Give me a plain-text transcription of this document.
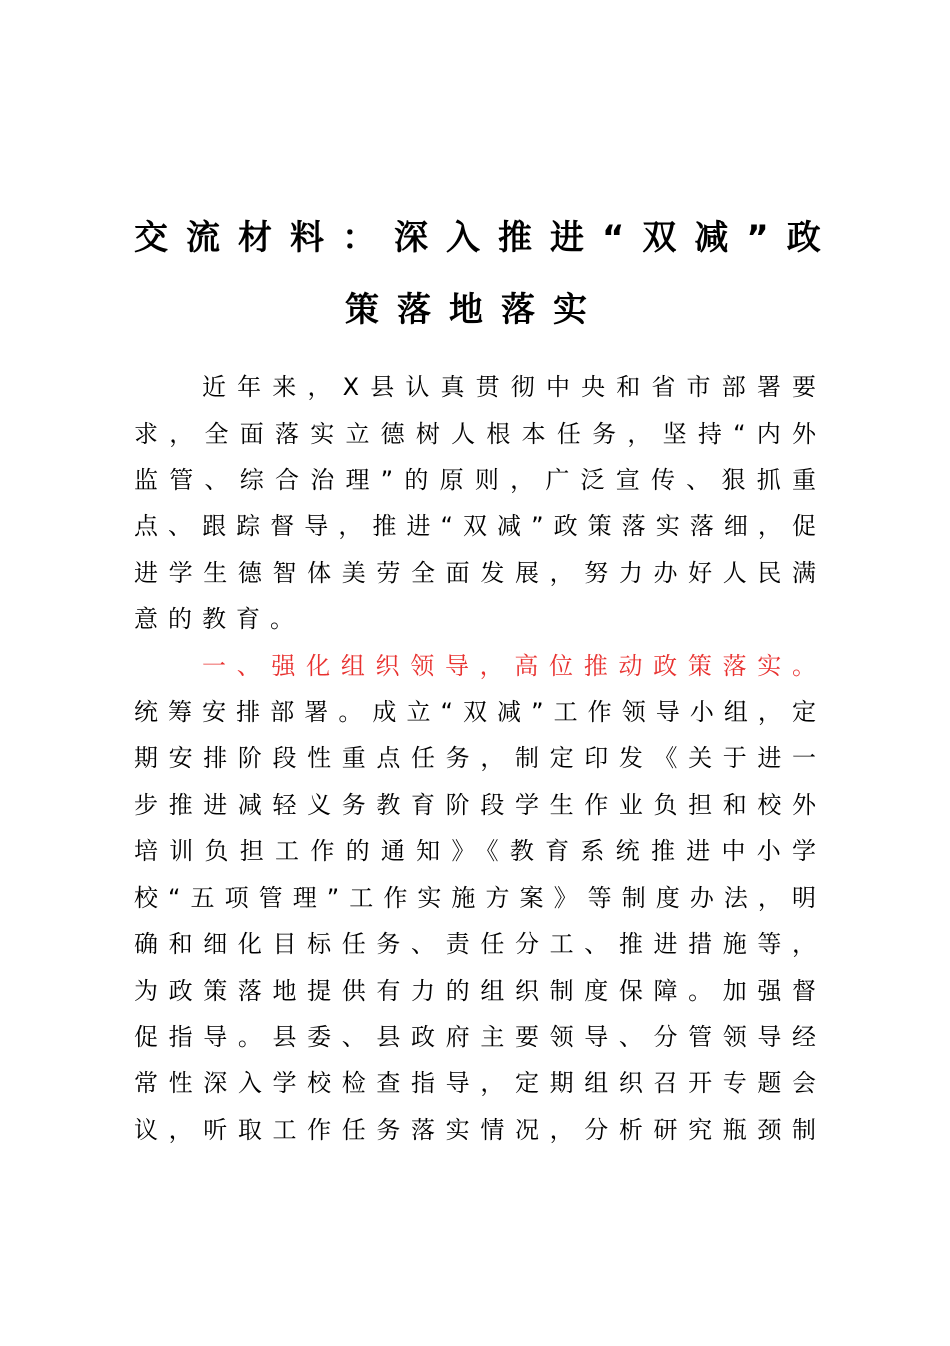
交流材料：深入推进“双减”政
策落地落实
近年来，X县认真贯彻中央和省市部署要
求，全面落实立德树人根本任务，坚持“内外
监管、综合治理”的原则，广泛宣传、狠抓重
点、跟踪督导，推进“双减”政策落实落细，促
进学生德智体美劳全面发展，努力办好人民满
意的教育。
一、强化组织领导，高位推动政策落实。
统筹安排部署。成立“双减”工作领导小组，定
期安排阶段性重点任务，制定印发《关于进一
步推进减轻义务教育阶段学生作业负担和校外
培训负担工作的通知》《教育系统推进中小学
校“五项管理”工作实施方案》等制度办法，明
确和细化目标任务、责任分工、推进措施等，
为政策落地提供有力的组织制度保障。加强督
促指导。县委、县政府主要领导、分管领导经
常性深入学校检查指导，定期组织召开专题会
议，听取工作任务落实情况，分析研究瓶颈制
